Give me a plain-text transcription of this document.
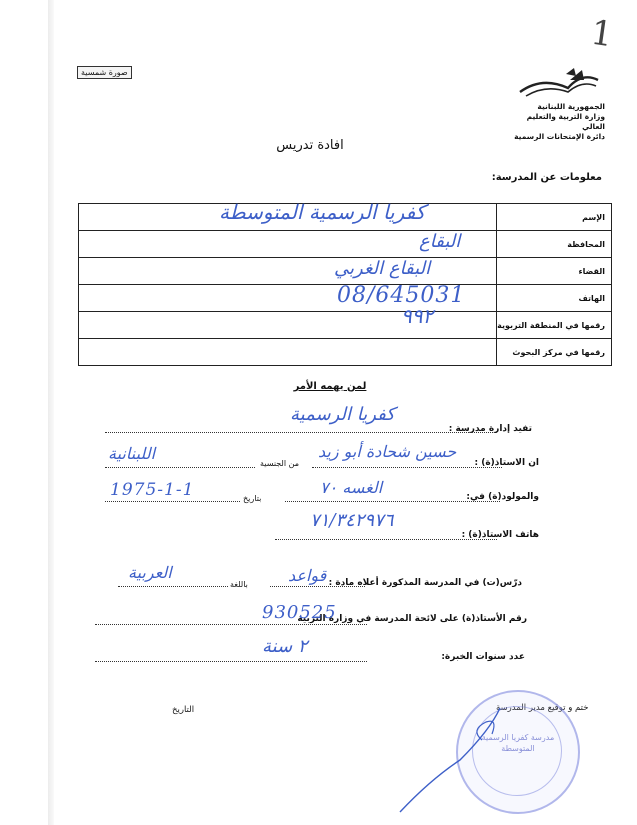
1
صورة شمسية
الجمهورية اللبنانية
وزارة التربية والتعليم العالي
دائرة الإمتحانات الرسمية
افادة تدريس
معلومات عن المدرسة:
الإسم	كفريا الرسمية المتوسطة

المحافظة	البقاع

القضاء	البقاع الغربي

الهاتف	08/645031

رقمها في المنطقة التربوية	٩٩٢

رقمها في مركز البحوث	
لمن يهمه الأمر
تفيد إدارة مدرسة :
كفريا الرسمية
ان الاستاذ(ة) :
حسين شحادة أبو زيد
من الجنسية
اللبنانية
والمولود(ة) في:
الغسه ٧٠
بتاريخ
1975-1-1
هاتف الاستاذ(ة) :
٧١/٣٤٢٩٧٦
درّس(ت) في المدرسة المذكورة أعلاه مادة :
قواعد
باللغة
العربية
رقم الأستاذ(ة) على لائحة المدرسة في وزارة التربية
930525
عدد سنوات الخبرة:
٢ سنة
ختم و توقيع مدير المدرسة
التاريخ
مدرسة كفريا الرسمية المتوسطة
